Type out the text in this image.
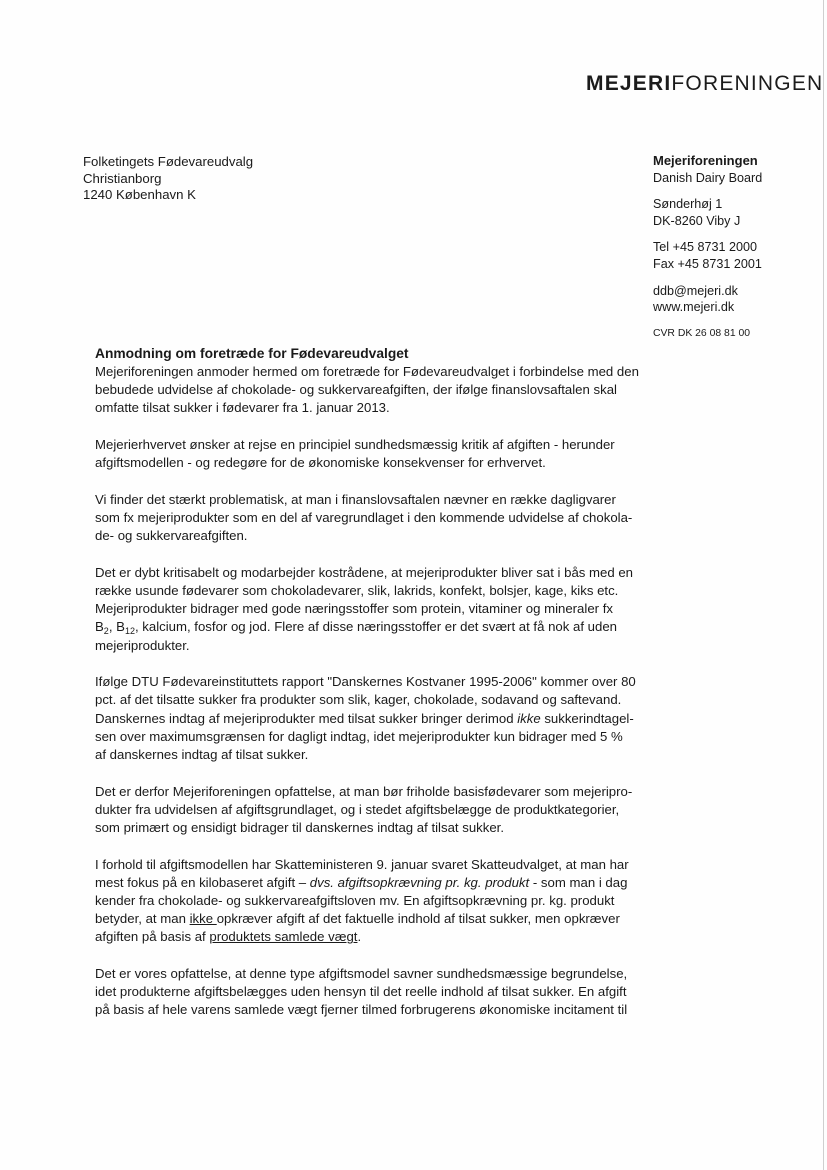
MEJERIFORENINGEN
Folketingets Fødevareudvalg
Christianborg
1240 København K
Mejeriforeningen
Danish Dairy Board
Sønderhøj 1
DK-8260 Viby J
Tel +45 8731 2000
Fax +45 8731 2001
ddb@mejeri.dk
www.mejeri.dk
CVR DK 26 08 81 00
Anmodning om foretræde for Fødevareudvalget

Mejeriforeningen anmoder hermed om foretræde for Fødevareudvalget i forbindelse med den
bebudede udvidelse af chokolade- og sukkervareafgiften, der ifølge finanslovsaftalen skal
omfatte tilsat sukker i fødevarer fra 1. januar 2013.

Mejerierhvervet ønsker at rejse en principiel sundhedsmæssig kritik af afgiften - herunder
afgiftsmodellen - og redegøre for de økonomiske konsekvenser for erhvervet.

Vi finder det stærkt problematisk, at man i finanslovsaftalen nævner en række dagligvarer
som fx mejeriprodukter som en del af varegrundlaget i den kommende udvidelse af chokola-
de- og sukkervareafgiften.

Det er dybt kritisabelt og modarbejder kostrådene, at mejeriprodukter bliver sat i bås med en
række usunde fødevarer som chokoladevarer, slik, lakrids, konfekt, bolsjer, kage, kiks etc.
Mejeriprodukter bidrager med gode næringsstoffer som protein, vitaminer og mineraler fx
$B_2$, $B_{12}$, kalcium, fosfor og jod. Flere af disse næringsstoffer er det svært at få nok af uden
mejeriprodukter.

Ifølge DTU Fødevareinstituttets rapport "Danskernes Kostvaner 1995-2006" kommer over 80
pct. af det tilsatte sukker fra produkter som slik, kager, chokolade, sodavand og saftevand.
Danskernes indtag af mejeriprodukter med tilsat sukker bringer derimod ikke sukkerindtagel-
sen over maximumsgrænsen for dagligt indtag, idet mejeriprodukter kun bidrager med 5 %
af danskernes indtag af tilsat sukker.

Det er derfor Mejeriforeningen opfattelse, at man bør friholde basisfødevarer som mejeripro-
dukter fra udvidelsen af afgiftsgrundlaget, og i stedet afgiftsbelægge de produktkategorier,
som primært og ensidigt bidrager til danskernes indtag af tilsat sukker.

I forhold til afgiftsmodellen har Skatteministeren 9. januar svaret Skatteudvalget, at man har
mest fokus på en kilobaseret afgift – dvs. afgiftsopkrævning pr. kg. produkt - som man i dag
kender fra chokolade- og sukkervareafgiftsloven mv. En afgiftsopkrævning pr. kg. produkt
betyder, at man ikke opkræver afgift af det faktuelle indhold af tilsat sukker, men opkræver
afgiften på basis af produktets samlede vægt.

Det er vores opfattelse, at denne type afgiftsmodel savner sundhedsmæssige begrundelse,
idet produkterne afgiftsbelægges uden hensyn til det reelle indhold af tilsat sukker. En afgift
på basis af hele varens samlede vægt fjerner tilmed forbrugerens økonomiske incitament til
